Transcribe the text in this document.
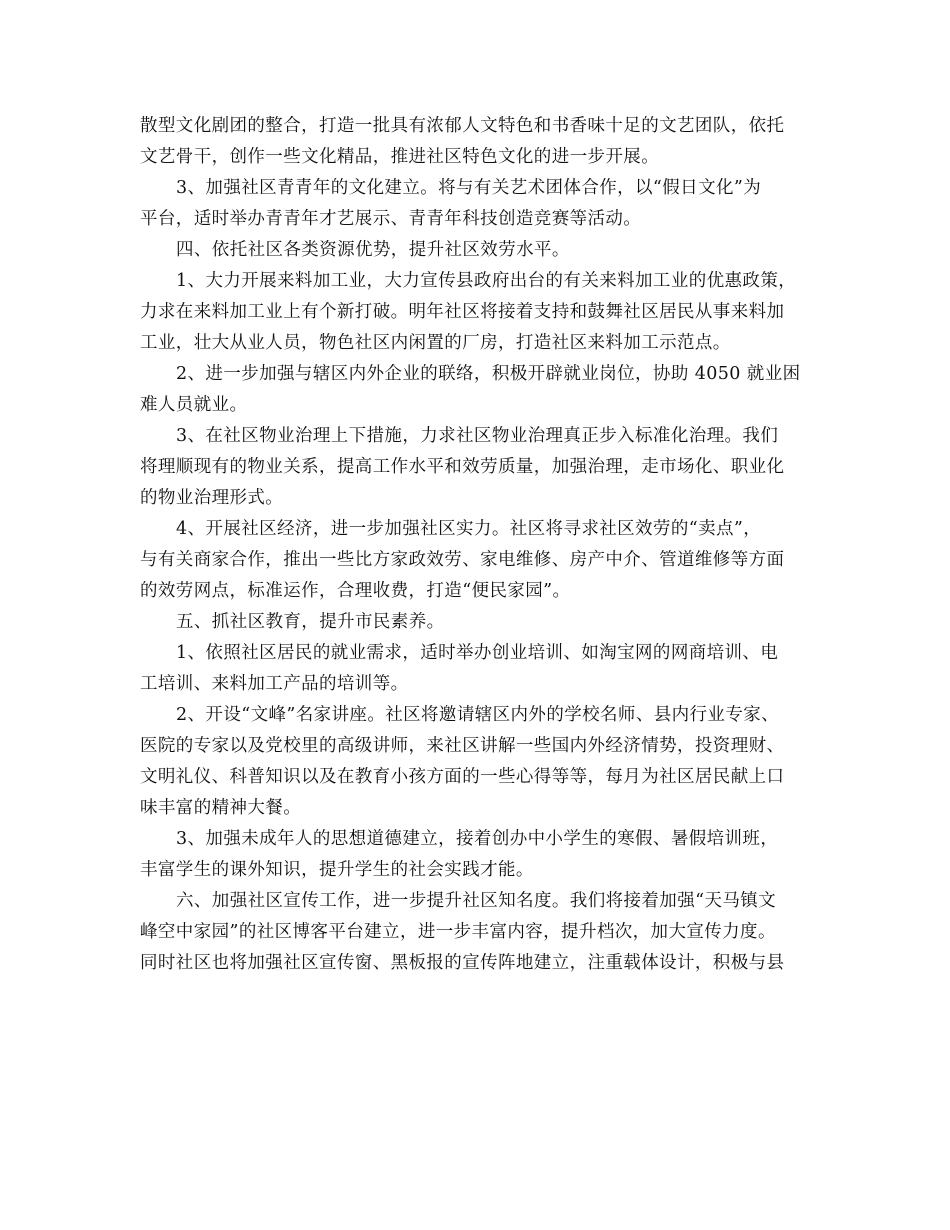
散型文化剧团的整合，打造一批具有浓郁人文特色和书香味十足的文艺团队，依托
文艺骨干，创作一些文化精品，推进社区特色文化的进一步开展。
3、加强社区青青年的文化建立。将与有关艺术团体合作，以“假日文化”为
平台，适时举办青青年才艺展示、青青年科技创造竞赛等活动。
四、依托社区各类资源优势，提升社区效劳水平。
1、大力开展来料加工业，大力宣传县政府出台的有关来料加工业的优惠政策，
力求在来料加工业上有个新打破。明年社区将接着支持和鼓舞社区居民从事来料加
工业，壮大从业人员，物色社区内闲置的厂房，打造社区来料加工示范点。
2、进一步加强与辖区内外企业的联络，积极开辟就业岗位，协助 4050 就业困
难人员就业。
3、在社区物业治理上下措施，力求社区物业治理真正步入标准化治理。我们
将理顺现有的物业关系，提高工作水平和效劳质量，加强治理，走市场化、职业化
的物业治理形式。
4、开展社区经济，进一步加强社区实力。社区将寻求社区效劳的“卖点”，
与有关商家合作，推出一些比方家政效劳、家电维修、房产中介、管道维修等方面
的效劳网点，标准运作，合理收费，打造“便民家园”。
五、抓社区教育，提升市民素养。
1、依照社区居民的就业需求，适时举办创业培训、如淘宝网的网商培训、电
工培训、来料加工产品的培训等。
2、开设“文峰”名家讲座。社区将邀请辖区内外的学校名师、县内行业专家、
医院的专家以及党校里的高级讲师，来社区讲解一些国内外经济情势，投资理财、
文明礼仪、科普知识以及在教育小孩方面的一些心得等等，每月为社区居民献上口
味丰富的精神大餐。
3、加强未成年人的思想道德建立，接着创办中小学生的寒假、暑假培训班，
丰富学生的课外知识，提升学生的社会实践才能。
六、加强社区宣传工作，进一步提升社区知名度。我们将接着加强“天马镇文
峰空中家园”的社区博客平台建立，进一步丰富内容，提升档次，加大宣传力度。
同时社区也将加强社区宣传窗、黑板报的宣传阵地建立，注重载体设计，积极与县
